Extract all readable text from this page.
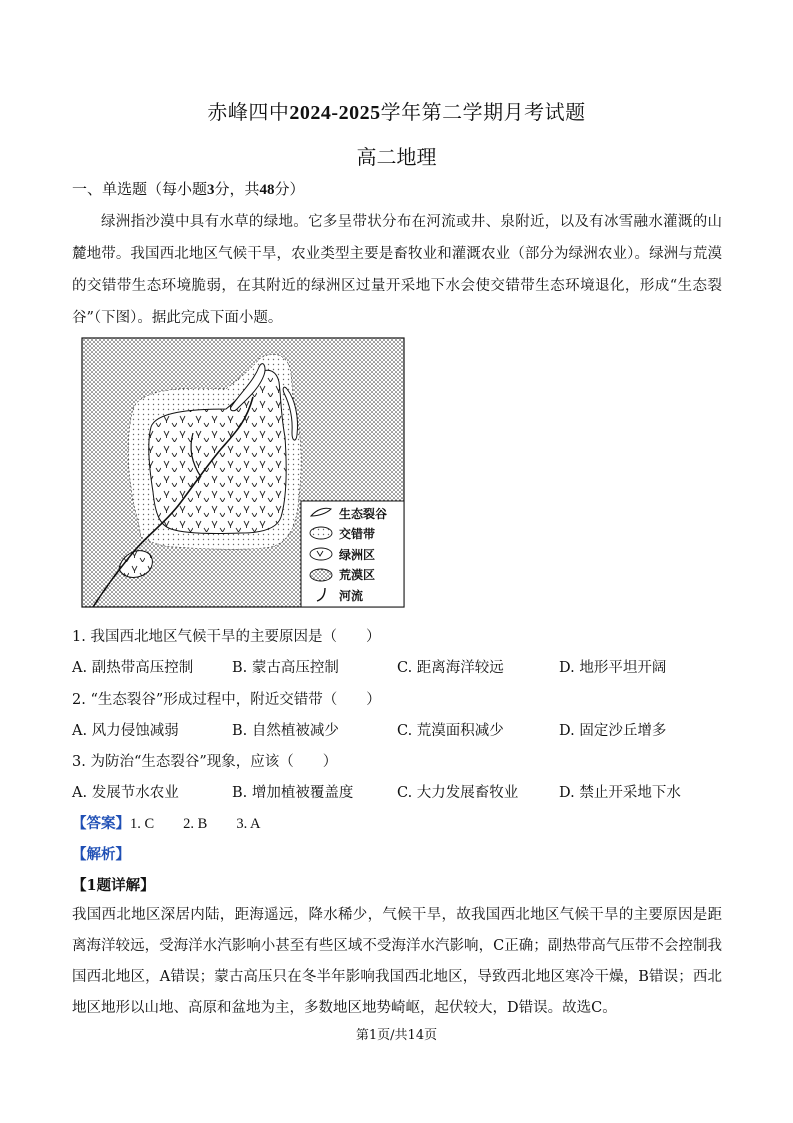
赤峰四中2024-2025学年第二学期月考试题
高二地理
一、单选题（每小题3分，共48分）
绿洲指沙漠中具有水草的绿地。它多呈带状分布在河流或井、泉附近，以及有冰雪融水灌溉的山麓地带。我国西北地区气候干旱，农业类型主要是畜牧业和灌溉农业（部分为绿洲农业）。绿洲与荒漠的交错带生态环境脆弱，在其附近的绿洲区过量开采地下水会使交错带生态环境退化，形成“生态裂谷”（下图）。据此完成下面小题。
生态裂谷
交错带
绿洲区
荒漠区
河流
1. 我国西北地区气候干旱的主要原因是（　　）
A. 副热带高压控制	B. 蒙古高压控制	C. 距离海洋较远	D. 地形平坦开阔
2. “生态裂谷”形成过程中，附近交错带（　　）
A. 风力侵蚀减弱	B. 自然植被减少	C. 荒漠面积减少	D. 固定沙丘增多
3. 为防治“生态裂谷”现象，应该（　　）
A. 发展节水农业	B. 增加植被覆盖度	C. 大力发展畜牧业	D. 禁止开采地下水
【答案】1. C　　2. B　　3. A
【解析】
【1题详解】
我国西北地区深居内陆，距海遥远，降水稀少，气候干旱，故我国西北地区气候干旱的主要原因是距离海洋较远，受海洋水汽影响小甚至有些区域不受海洋水汽影响，C正确；副热带高气压带不会控制我国西北地区，A错误；蒙古高压只在冬半年影响我国西北地区，导致西北地区寒冷干燥，B错误；西北地区地形以山地、高原和盆地为主，多数地区地势崎岖，起伏较大，D错误。故选C。
第1页/共14页
